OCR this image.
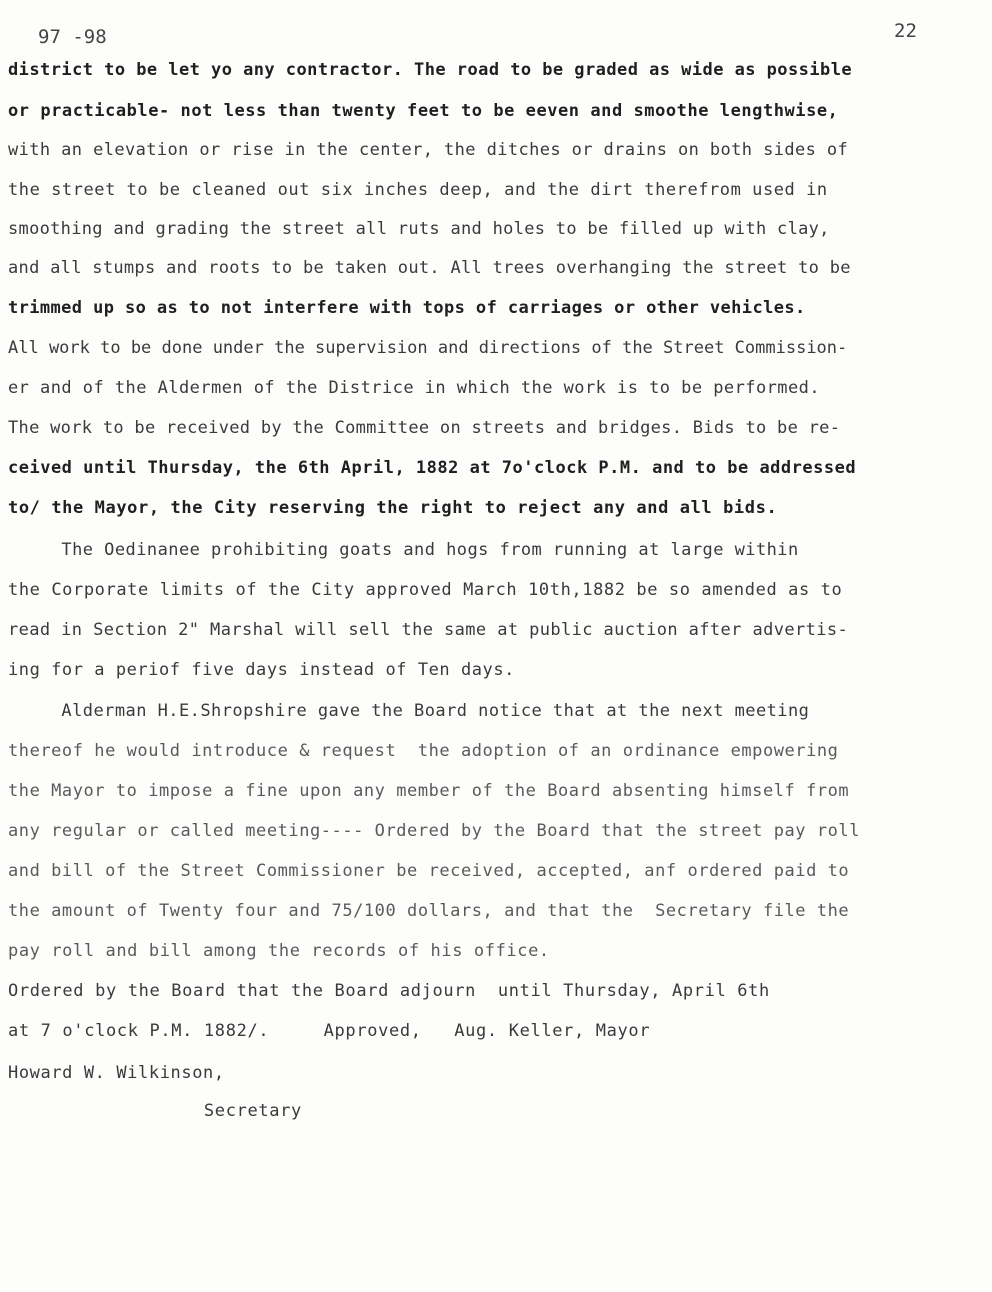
97 -98	22
district to be let yo any contractor. The road to be graded as wide as possible
or practicable- not less than twenty feet to be eeven and smoothe lengthwise,
with an elevation or rise in the center, the ditches or drains on both sides of
the street to be cleaned out six inches deep, and the dirt therefrom used in
smoothing and grading the street all ruts and holes to be filled up with clay,
and all stumps and roots to be taken out. All trees overhanging the street to be
trimmed up so as to not interfere with tops of carriages or other vehicles.
All work to be done under the supervision and directions of the Street Commission-
er and of the Aldermen of the Districe in which the work is to be performed.
The work to be received by the Committee on streets and bridges. Bids to be re-
ceived until Thursday, the 6th April, 1882 at 7o'clock P.M. and to be addressed
to/ the Mayor, the City reserving the right to reject any and all bids.
The Oedinanee prohibiting goats and hogs from running at large within
the Corporate limits of the City approved March 10th,1882 be so amended as to
read in Section 2" Marshal will sell the same at public auction after advertis-
ing for a periof five days instead of Ten days.
Alderman H.E.Shropshire gave the Board notice that at the next meeting
thereof he would introduce & request  the adoption of an ordinance empowering
the Mayor to impose a fine upon any member of the Board absenting himself from
any regular or called meeting---- Ordered by the Board that the street pay roll
and bill of the Street Commissioner be received, accepted, anf ordered paid to
the amount of Twenty four and 75/100 dollars, and that the  Secretary file the
pay roll and bill among the records of his office.
Ordered by the Board that the Board adjourn  until Thursday, April 6th
at 7 o'clock P.M. 1882/.     Approved,   Aug. Keller, Mayor
Howard W. Wilkinson,
Secretary
